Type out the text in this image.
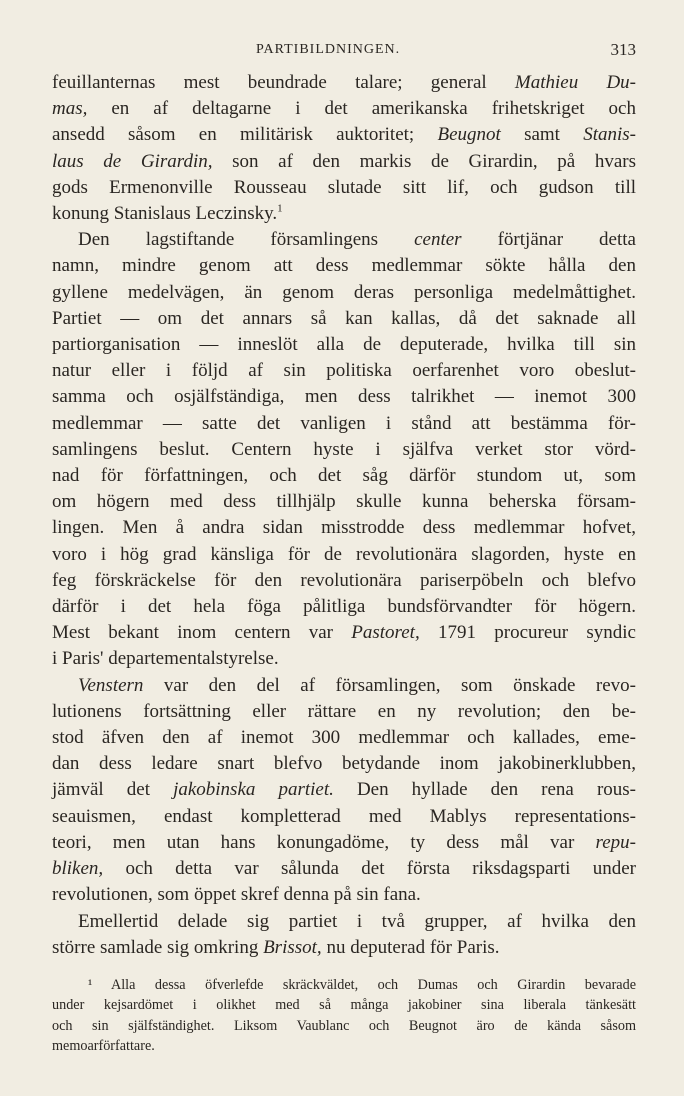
PARTIBILDNINGEN.	313

feuillanternas mest beundrade talare; general Mathieu Du-
mas, en af deltagarne i det amerikanska frihetskriget och
ansedd såsom en militärisk auktoritet; Beugnot samt Stanis-
laus de Girardin, son af den markis de Girardin, på hvars
gods Ermenonville Rousseau slutade sitt lif, och gudson till
konung Stanislaus Leczinsky.$^1$

Den lagstiftande församlingens center förtjänar detta
namn, mindre genom att dess medlemmar sökte hålla den
gyllene medelvägen, än genom deras personliga medelmåttighet.
Partiet — om det annars så kan kallas, då det saknade all
partiorganisation — inneslöt alla de deputerade, hvilka till sin
natur eller i följd af sin politiska oerfarenhet voro obeslut-
samma och osjälfständiga, men dess talrikhet — inemot 300
medlemmar — satte det vanligen i stånd att bestämma för-
samlingens beslut. Centern hyste i själfva verket stor vörd-
nad för författningen, och det såg därför stundom ut, som
om högern med dess tillhjälp skulle kunna beherska försam-
lingen. Men å andra sidan misstrodde dess medlemmar hofvet,
voro i hög grad känsliga för de revolutionära slagorden, hyste en
feg förskräckelse för den revolutionära pariserpöbeln och blefvo
därför i det hela föga pålitliga bundsförvandter för högern.
Mest bekant inom centern var Pastoret, 1791 procureur syndic
i Paris' departementalstyrelse.

Venstern var den del af församlingen, som önskade revo-
lutionens fortsättning eller rättare en ny revolution; den be-
stod äfven den af inemot 300 medlemmar och kallades, eme-
dan dess ledare snart blefvo betydande inom jakobinerklubben,
jämväl det jakobinska partiet. Den hyllade den rena rous-
seauismen, endast kompletterad med Mablys representations-
teori, men utan hans konungadöme, ty dess mål var repu-
bliken, och detta var sålunda det första riksdagsparti under
revolutionen, som öppet skref denna på sin fana.

Emellertid delade sig partiet i två grupper, af hvilka den
större samlade sig omkring Brissot, nu deputerad för Paris.

¹ Alla dessa öfverlefde skräckväldet, och Dumas och Girardin bevarade
under kejsardömet i olikhet med så många jakobiner sina liberala tänkesätt
och sin själfständighet. Liksom Vaublanc och Beugnot äro de kända såsom
memoarförfattare.
